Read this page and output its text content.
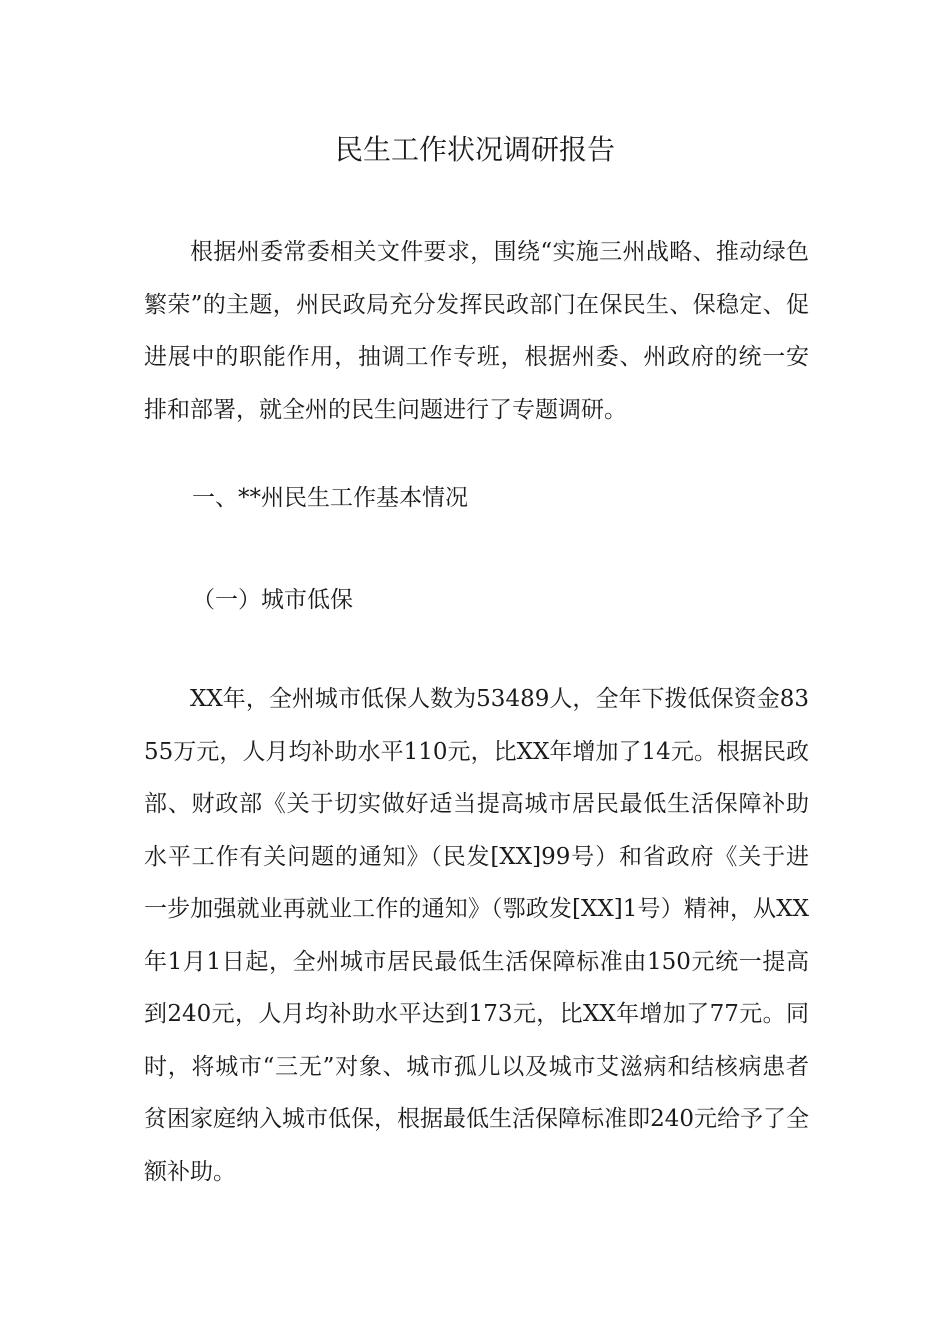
民生工作状况调研报告

根据州委常委相关文件要求，围绕“实施三州战略、推动绿色繁荣”的主题，州民政局充分发挥民政部门在保民生、保稳定、促进展中的职能作用，抽调工作专班，根据州委、州政府的统一安排和部署，就全州的民生问题进行了专题调研。

一、**州民生工作基本情况

（一）城市低保

XX年，全州城市低保人数为53489人，全年下拨低保资金8355万元，人月均补助水平110元，比XX年增加了14元。根据民政部、财政部《关于切实做好适当提高城市居民最低生活保障补助水平工作有关问题的通知》（民发[XX]99号）和省政府《关于进一步加强就业再就业工作的通知》（鄂政发[XX]1号）精神，从XX年1月1日起，全州城市居民最低生活保障标准由150元统一提高到240元，人月均补助水平达到173元，比XX年增加了77元。同时，将城市“三无”对象、城市孤儿以及城市艾滋病和结核病患者贫困家庭纳入城市低保，根据最低生活保障标准即240元给予了全额补助。
